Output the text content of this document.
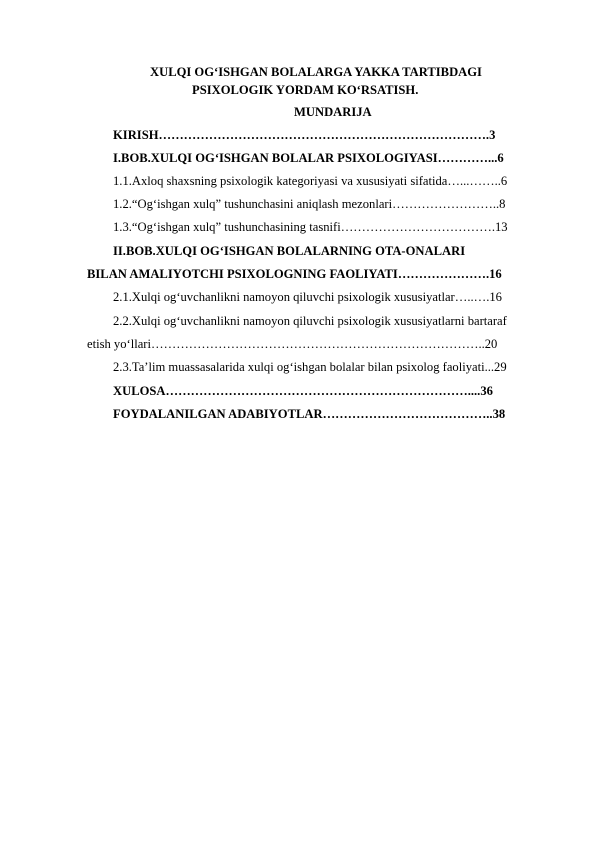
XULQI OG‘ISHGAN BOLALARGA YAKKA TARTIBDAGI
PSIXOLOGIK YORDAM KO‘RSATISH.
MUNDARIJA
KIRISH…………………………………………………………………….3
I.BOB.XULQI OG‘ISHGAN BOLALAR PSIXOLOGIYASI…………...6
1.1.Axloq shaxsning psixologik kategoriyasi va xususiyati sifatida…...……..6
1.2.“Og‘ishgan xulq” tushunchasini aniqlash mezonlari……………………..8
1.3.“Og‘ishgan xulq” tushunchasining tasnifi……………………………….13
II.BOB.XULQI OG‘ISHGAN BOLALARNING OTA-ONALARI
BILAN AMALIYOTCHI PSIXOLOGNING FAOLIYATI………………….16
2.1.Xulqi og‘uvchanlikni namoyon qiluvchi psixologik xususiyatlar…..….16
2.2.Xulqi og‘uvchanlikni namoyon qiluvchi psixologik xususiyatlarni bartaraf
etish yo‘llari……………………………………………………………………..20
2.3.Ta’lim muassasalarida xulqi og‘ishgan bolalar bilan psixolog faoliyati...29
XULOSA………………………………………………………………....36
FOYDALANILGAN ADABIYOTLAR…………………………………..38
